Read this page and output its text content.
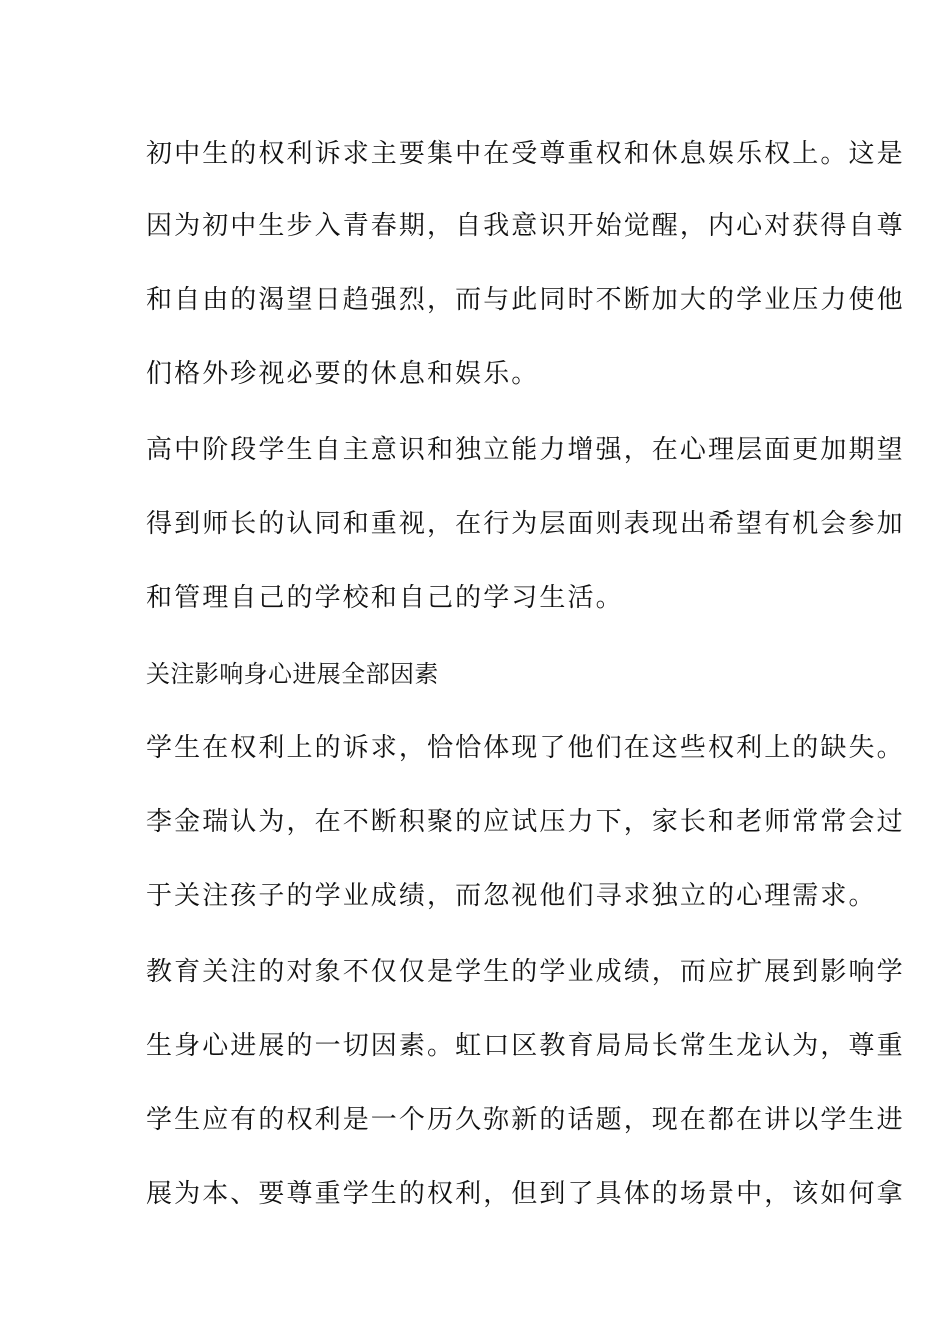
初中生的权利诉求主要集中在受尊重权和休息娱乐权上。这是
因为初中生步入青春期，自我意识开始觉醒，内心对获得自尊
和自由的渴望日趋强烈，而与此同时不断加大的学业压力使他
们格外珍视必要的休息和娱乐。
高中阶段学生自主意识和独立能力增强，在心理层面更加期望
得到师长的认同和重视，在行为层面则表现出希望有机会参加
和管理自己的学校和自己的学习生活。
关注影响身心进展全部因素
学生在权利上的诉求，恰恰体现了他们在这些权利上的缺失。
李金瑞认为，在不断积聚的应试压力下，家长和老师常常会过
于关注孩子的学业成绩，而忽视他们寻求独立的心理需求。
教育关注的对象不仅仅是学生的学业成绩，而应扩展到影响学
生身心进展的一切因素。虹口区教育局局长常生龙认为，尊重
学生应有的权利是一个历久弥新的话题，现在都在讲以学生进
展为本、要尊重学生的权利，但到了具体的场景中，该如何拿
